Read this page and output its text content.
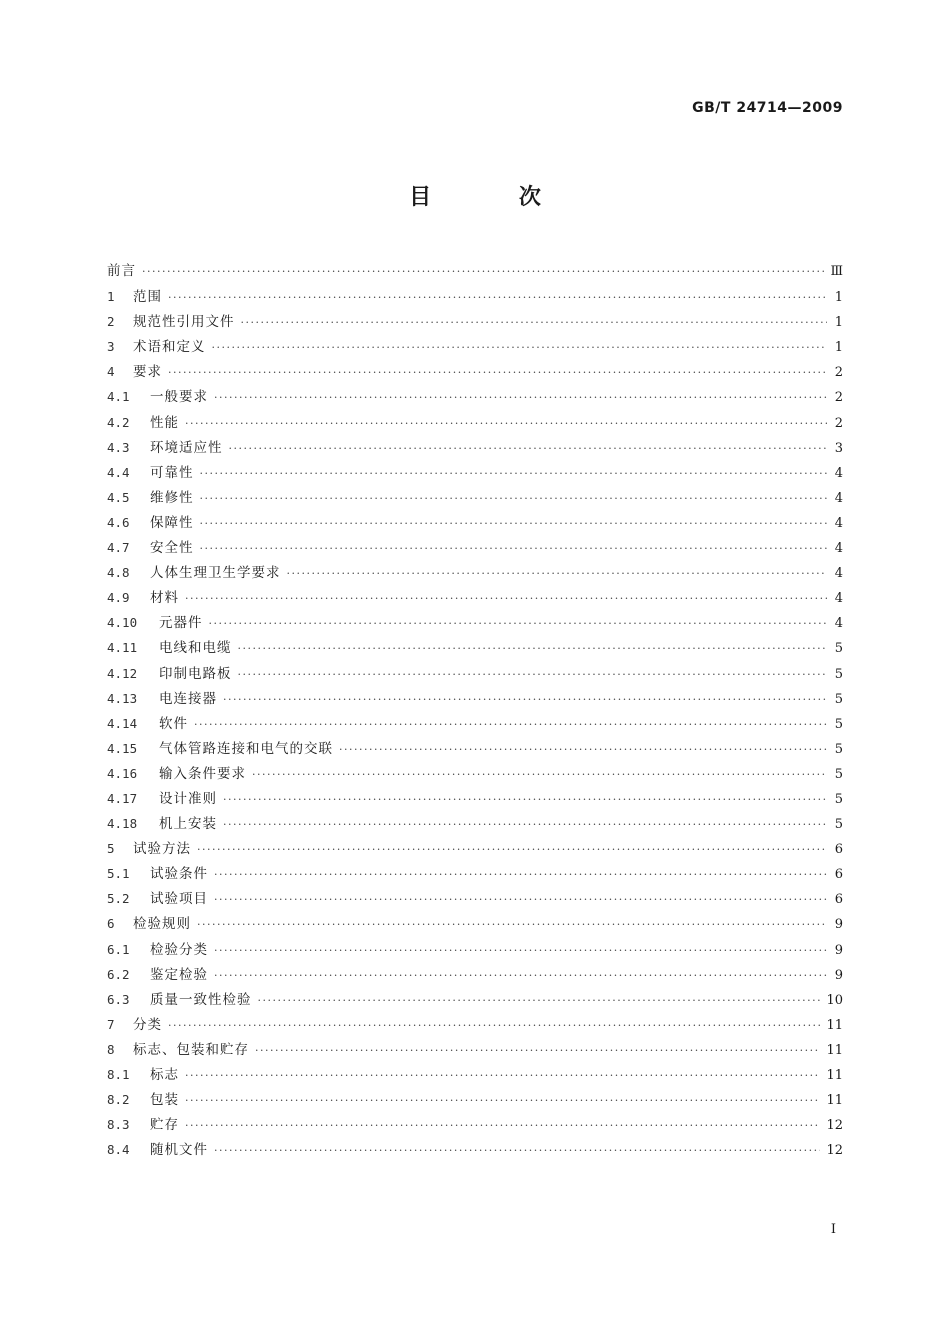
GB/T 24714—2009
目 次
前言 ·····	Ⅲ
1	范围 ·····	1
2	规范性引用文件 ·····	1
3	术语和定义 ·····	1
4	要求 ·····	2
4.1	一般要求 ·····	2
4.2	性能 ·····	2
4.3	环境适应性 ·····	3
4.4	可靠性 ·····	4
4.5	维修性 ·····	4
4.6	保障性 ·····	4
4.7	安全性 ·····	4
4.8	人体生理卫生学要求 ·····	4
4.9	材料 ·····	4
4.10	元器件 ·····	4
4.11	电线和电缆 ·····	5
4.12	印制电路板 ·····	5
4.13	电连接器 ·····	5
4.14	软件 ·····	5
4.15	气体管路连接和电气的交联 ·····	5
4.16	输入条件要求 ·····	5
4.17	设计准则 ·····	5
4.18	机上安装 ·····	5
5	试验方法 ·····	6
5.1	试验条件 ·····	6
5.2	试验项目 ·····	6
6	检验规则 ·····	9
6.1	检验分类 ·····	9
6.2	鉴定检验 ·····	9
6.3	质量一致性检验 ·····	10
7	分类 ·····	11
8	标志、包装和贮存 ·····	11
8.1	标志 ·····	11
8.2	包装 ·····	11
8.3	贮存 ·····	12
8.4	随机文件 ·····	12
I
